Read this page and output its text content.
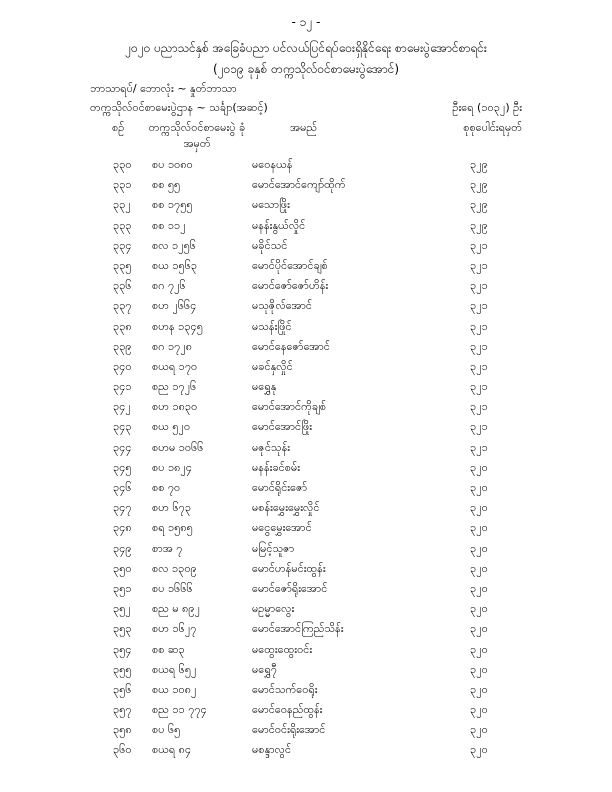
- ၁၂ -
၂၀၂၀ ပညာသင်နှစ် အခြေခံပညာ ပင်လယ်ပြင်ရပ်ဝေးရှိနိုင်ရေး စာမေးပွဲအောင်စာရင်း
(၂၀၁၉ ခုနှစ် တက္ကသိုလ်ဝင်စာမေးပွဲအောင်)
ဘာသာရပ်/ ဘောလုံး ~ နှုတ်ဘာသာ
တက္ကသိုလ်ဝင်စာမေးပွဲဌာန ~ သင်္ချာ(အဆင့်)	ဦးရေ (၁၀၃၂) ဦး
စဉ်	တက္ကသိုလ်ဝင်စာမေးပွဲ ခုံအမှတ်
အမည်	စုစုပေါင်းရမှတ်
၃၃၀ စပ ၁၀၈၀	မဝေနယန်	၃၂၉
၃၃၁ စစ ၅၅	မောင်အောင်ကျော်ထိုက်	၃၂၉
၃၃၂ စစ ၁၇၅၅	မသောဖြိုး	၃၂၉
၃၃၃ စစ ၁၁၂	မနန်းနွယ်လှိုင်	၃၂၉
၃၃၄ စလ ၁၂၅၆	မခိုင်သင်	၃၂၁
၃၃၅ စယ ၁၅၆၃	မောင်ပိုင်အောင်ချစ်	၃၂၁
၃၃၆ စဂ ၇၂၆	မောင်ဇော်ဇော်ဟိန်း	၃၂၁
၃၃၇ စဟ ၂၆၆၄	မသုဇိုလ်အောင်	၃၂၁
၃၃၈ စဟန ၁၃၄၅	မသန်းဖြိုင်	၃၂၁
၃၃၉ စဂ ၁၇၂၈	မောင်နေဇော်အောင်	၃၂၁
၃၄၀ စယရ ၁၇၀	မခင်နှလှိုင်	၃၂၁
၃၄၁ စည ၁၇၂၆	မရွှေနု	၃၂၁
၃၄၂ စဟ ၁၈၃၀	မောင်အောင်ကိုချစ်	၃၂၁
၃၄၃ စယ ၅၂၀	မောင်အောင်ဖြိုး	၃၂၁
၃၄၄ စဟမ ၁၀၆၆	မဇုင်သုန်း	၃၂၁
၃၄၅ စပ ၁၈၂၄	မနန်းခင်စမ်း	၃၂၀
၃၄၆ စစ ၇၀	မောင်ရိုင်းဇော်	၃၂၀
၃၄၇ စဟ ၆၇၃	မစန်းမွှေးမွှေးလှိုင်	၃၂၀
၃၄၈ စရ ၁၅၈၅	မငွေမွှေးအောင်	၃၂၀
၃၄၉ စာအ ၇	မမြင့်သူဇာ	၃၂၀
၃၅၀ စလ ၁၃၀၉	မောင်ဟန်မင်းထွန်း	၃၂၀
၃၅၁ စပ ၁၆၆၆	မောင်ဇော်ရိုးအောင်	၃၂၀
၃၅၂ စည မ ၈၉၂	မဥမ္မာလွေး	၃၂၀
၃၅၃ စဟ ၁၆၂၇	မောင်အောင်ကြည်သိန်း	၃၂၀
၃၅၄ စစ ဆ၃	မထွေးထွေးဝင်း	၃၂၀
၃၅၅ စယရ ၆၅၂	မရွှေ၇ီ	၃၂၀
၃၅၆ စယ ၁၀၈၂	မောင်သက်ဝေရိုး	၃၂၀
၃၅၇ စည ၁၁ ၇၇၄	မောင်ဝေနည်ထွန်း	၃၂၀
၃၅၈ စပ ၆၅	မောင်ဝင်းရိုးအောင်	၃၂၀
၃၆၀ စယရ ၈၄	မစန္ဒာလွင်	၃၂၀
